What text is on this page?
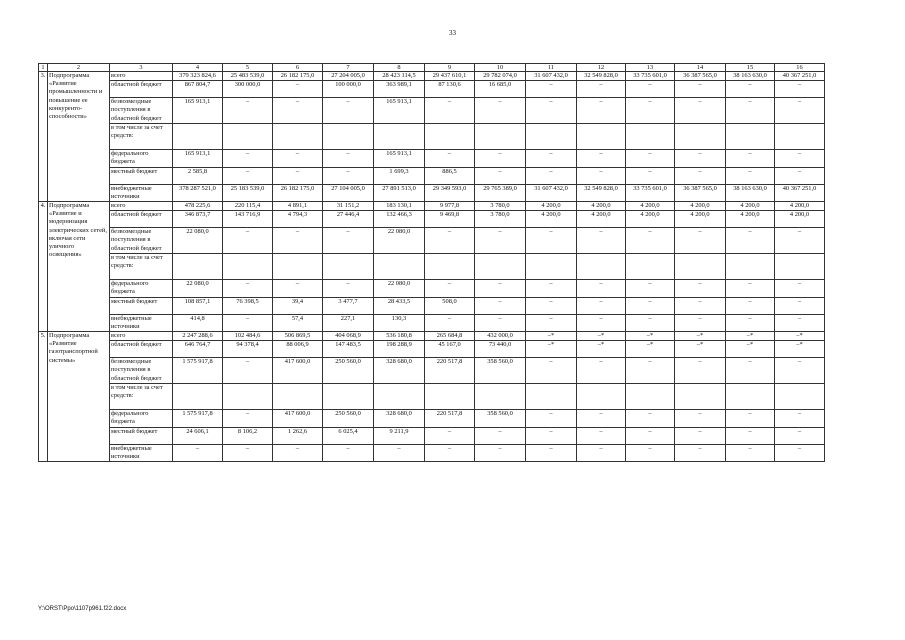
33
1	2	3	4	5	6	7	8	9	10	11	12	13	14	15	16
3.	Подпрограмма «Развитие промышленности и повышение ее конкуренто-способности»	всего	379 323 824,6	25 483 539,0	26 182 175,0	27 204 005,0	28 423 114,5	29 437 610,1	29 782 074,0	31 607 432,0	32 549 828,0	33 735 601,0	36 387 565,0	38 163 630,0	40 367 251,0
		областной бюджет	867 804,7	300 000,0	–	100 000,0	363 989,1	87 130,6	16 685,0	–	–	–	–	–	–
		безвозмездные поступления в областной бюджет	165 913,1	–	–	–	165 913,1	–	–	–	–	–	–	–	–
		в том числе за счет средств:													
		федерального бюджета	165 913,1	–	–	–	165 913,1	–	–	–	–	–	–	–	–
		местный бюджет	2 585,8	–	–	–	1 699,3	886,5	–	–	–	–	–	–	–
		внебюджетные источники	378 287 521,0	25 183 539,0	26 182 175,0	27 104 005,0	27 891 513,0	29 349 593,0	29 765 389,0	31 607 432,0	32 549 828,0	33 735 601,0	36 387 565,0	38 163 630,0	40 367 251,0
4.	Подпрограмма «Развитие и модернизация электрических сетей, включая сети уличного освещения»	всего	478 225,6	220 115,4	4 891,1	31 151,2	183 130,1	9 977,8	3 780,0	4 200,0	4 200,0	4 200,0	4 200,0	4 200,0	4 200,0
		областной бюджет	346 873,7	143 716,9	4 794,3	27 446,4	132 466,3	9 469,8	3 780,0	4 200,0	4 200,0	4 200,0	4 200,0	4 200,0	4 200,0
		безвозмездные поступления в областной бюджет	22 080,0	–	–	–	22 080,0	–	–	–	–	–	–	–	–
		в том числе за счет средств:													
		федерального бюджета	22 080,0	–	–	–	22 080,0	–	–	–	–	–	–	–	–
		местный бюджет	108 857,1	76 398,5	39,4	3 477,7	28 433,5	508,0	–	–	–	–	–	–	–
		внебюджетные источники	414,8	–	57,4	227,1	130,3	–	–	–	–	–	–	–	–
5.	Подпрограмма «Развитие газотранспортной системы»	всего	2 247 288,6	102 484,6	506 869,5	404 068,9	536 180,8	265 684,8	432 000,0	–*	–*	–*	–*	–*	–*
		областной бюджет	646 764,7	94 378,4	88 006,9	147 483,5	198 288,9	45 167,0	73 440,0	–*	–*	–*	–*	–*	–*
		безвозмездные поступления в областной бюджет	1 575 917,8	–	417 600,0	250 560,0	328 680,0	220 517,8	358 560,0	–	–	–	–	–	–
		в том числе за счет средств:													
		федерального бюджета	1 575 917,8	–	417 600,0	250 560,0	328 680,0	220 517,8	358 560,0	–	–	–	–	–	–
		местный бюджет	24 606,1	8 106,2	1 262,6	6 025,4	9 211,9	–	–	–	–	–	–	–	–
		внебюджетные источники	–	–	–	–	–	–	–	–	–	–	–	–	–
Y:\ORST\Ppo\1107p961.f22.docx
